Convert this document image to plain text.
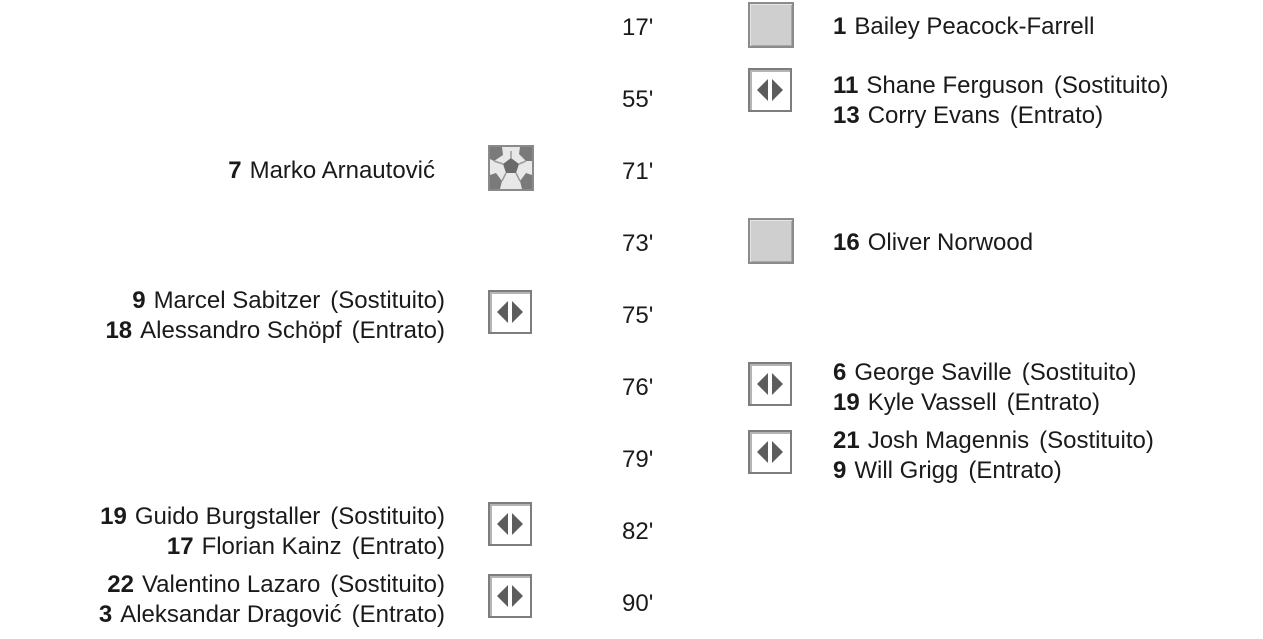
17'	1 Bailey Peacock-Farrell
55'
11 Shane Ferguson (Sostituito)
13 Corry Evans (Entrato)
71'
7 Marko Arnautović
73'	16 Oliver Norwood
75'
9 Marcel Sabitzer (Sostituito)
18 Alessandro Schöpf (Entrato)
76'
6 George Saville (Sostituito)
19 Kyle Vassell (Entrato)
79'
21 Josh Magennis (Sostituito)
9 Will Grigg (Entrato)
82'
19 Guido Burgstaller (Sostituito)
17 Florian Kainz (Entrato)
90'
22 Valentino Lazaro (Sostituito)
3 Aleksandar Dragović (Entrato)
